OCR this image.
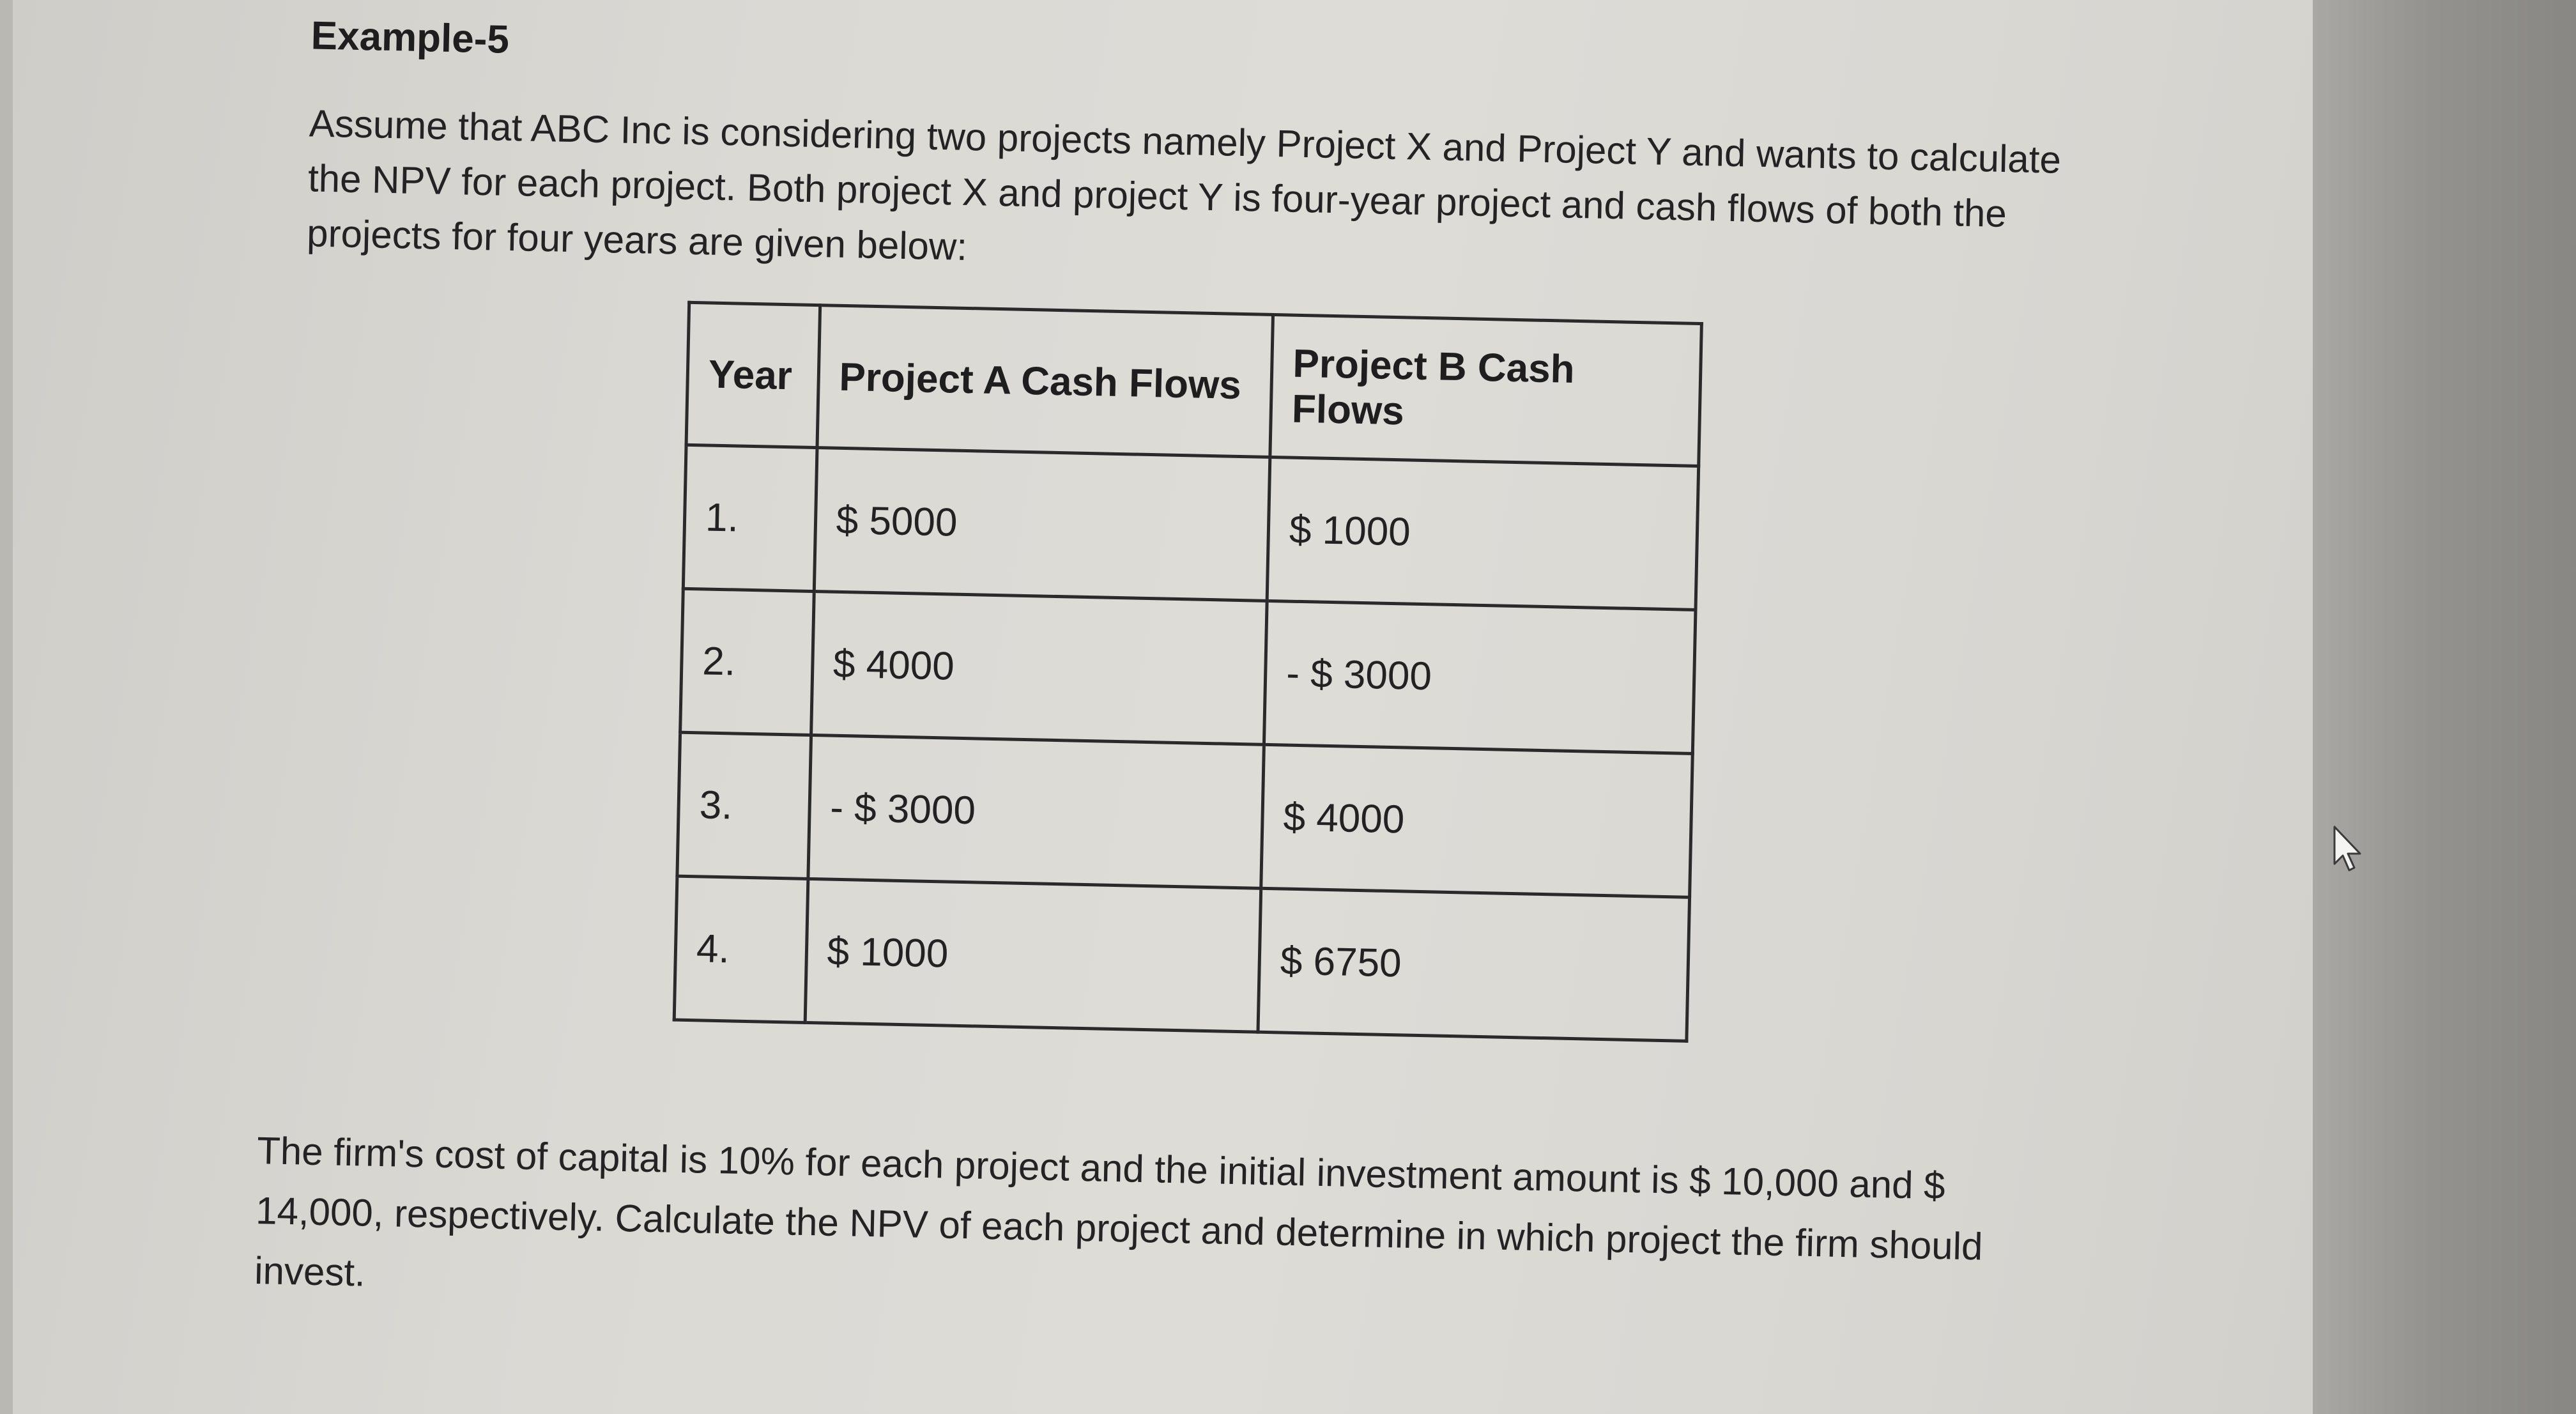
Example-5
Assume that ABC Inc is considering two projects namely Project X and Project Y and wants to calculate the NPV for each project. Both project X and project Y is four-year project and cash flows of both the projects for four years are given below:
Year	Project A Cash Flows	Project B Cash Flows
1.	$ 5000	$ 1000
2.	$ 4000	- $ 3000
3.	- $ 3000	$ 4000
4.	$ 1000	$ 6750
The firm's cost of capital is 10% for each project and the initial investment amount is $ 10,000 and $ 14,000, respectively. Calculate the NPV of each project and determine in which project the firm should invest.
